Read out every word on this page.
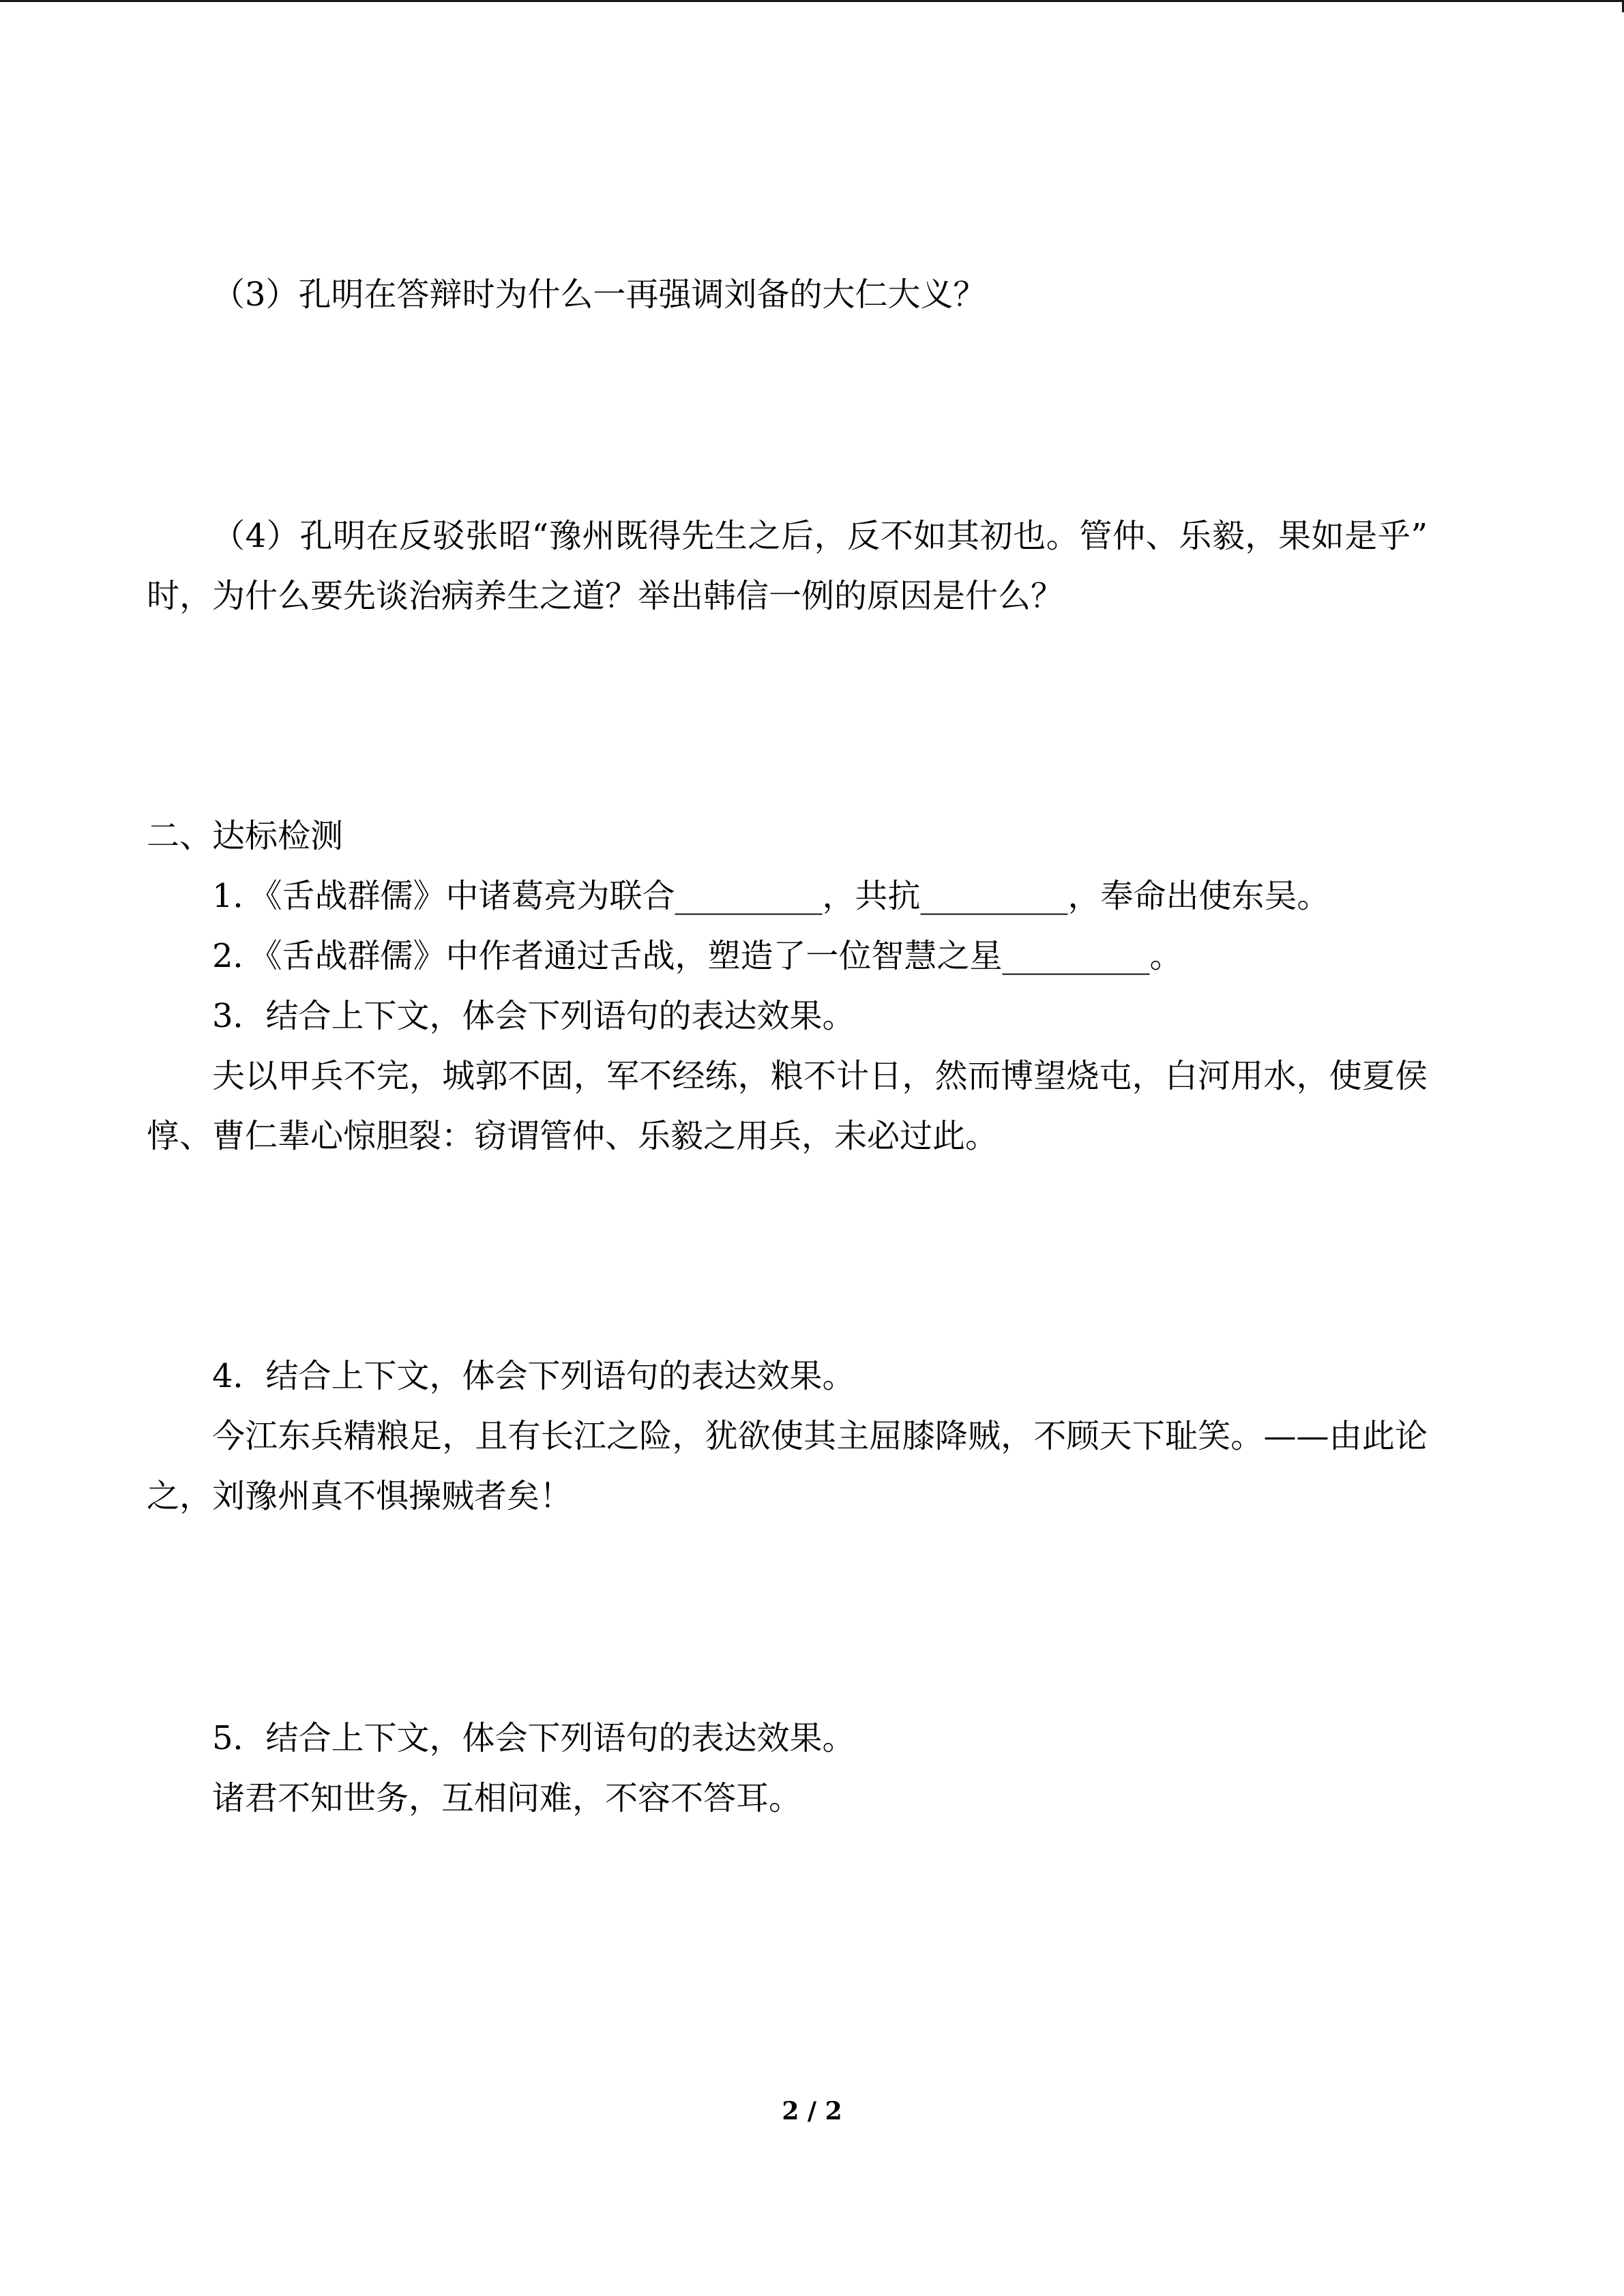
（3）孔明在答辩时为什么一再强调刘备的大仁大义？
（4）孔明在反驳张昭“豫州既得先生之后，反不如其初也。管仲、乐毅，果如是乎”
时，为什么要先谈治病养生之道？举出韩信一例的原因是什么？
二、达标检测
1．《舌战群儒》中诸葛亮为联合_________，共抗_________，奉命出使东吴。
2．《舌战群儒》中作者通过舌战，塑造了一位智慧之星_________。
3．结合上下文，体会下列语句的表达效果。
夫以甲兵不完，城郭不固，军不经练，粮不计日，然而博望烧屯，白河用水，使夏侯
惇、曹仁辈心惊胆裂：窃谓管仲、乐毅之用兵，未必过此。
4．结合上下文，体会下列语句的表达效果。
今江东兵精粮足，且有长江之险，犹欲使其主屈膝降贼，不顾天下耻笑。——由此论
之，刘豫州真不惧操贼者矣！
5．结合上下文，体会下列语句的表达效果。
诸君不知世务，互相问难，不容不答耳。
2 / 2
